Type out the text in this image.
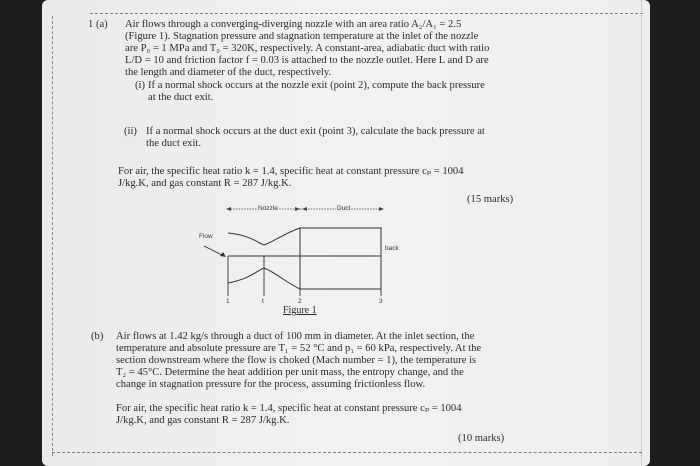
1 (a) Air flows through a converging-diverging nozzle with an area ratio A₂/A₁ = 2.5
(Figure 1). Stagnation pressure and stagnation temperature at the inlet of the nozzle
are P₀ = 1 MPa and T₀ = 320K, respectively. A constant-area, adiabatic duct with ratio
L/D = 10 and friction factor f = 0.03 is attached to the nozzle outlet. Here L and D are
the length and diameter of the duct, respectively.
(i) If a normal shock occurs at the nozzle exit (point 2), compute the back pressure
at the duct exit.
(ii) If a normal shock occurs at the duct exit (point 3), calculate the back pressure at
the duct exit.
For air, the specific heat ratio k = 1.4, specific heat at constant pressure cₚ = 1004
J/kg.K, and gas constant R = 287 J/kg.K.
(15 marks)
Nozzle	Duct
Flow
back
1	t	2	3
Figure 1
(b) Air flows at 1.42 kg/s through a duct of 100 mm in diameter. At the inlet section, the
temperature and absolute pressure are T₁ = 52 °C and p₁ = 60 kPa, respectively. At the
section downstream where the flow is choked (Mach number = 1), the temperature is
T₂ = 45°C. Determine the heat addition per unit mass, the entropy change, and the
change in stagnation pressure for the process, assuming frictionless flow.
For air, the specific heat ratio k = 1.4, specific heat at constant pressure cₚ = 1004
J/kg.K, and gas constant R = 287 J/kg.K.
(10 marks)
